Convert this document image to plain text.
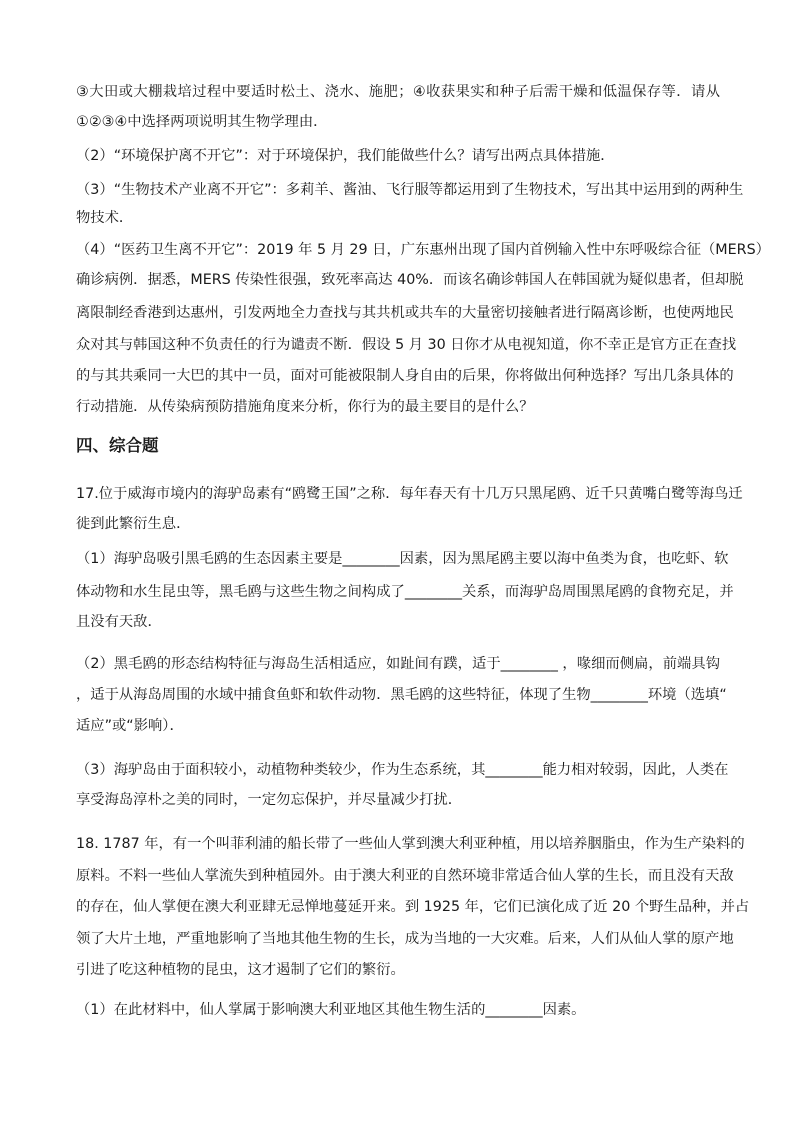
③大田或大棚栽培过程中要适时松土、浇水、施肥；④收获果实和种子后需干燥和低温保存等．请从
①②③④中选择两项说明其生物学理由．
（2）“环境保护离不开它”：对于环境保护，我们能做些什么？请写出两点具体措施．
（3）“生物技术产业离不开它”：多莉羊、酱油、飞行服等都运用到了生物技术，写出其中运用到的两种生
物技术．
（4）“医药卫生离不开它”：2019 年 5 月 29 日，广东惠州出现了国内首例输入性中东呼吸综合征（MERS）
确诊病例．据悉，MERS 传染性很强，致死率高达 40%．而该名确诊韩国人在韩国就为疑似患者，但却脱
离限制经香港到达惠州，引发两地全力查找与其共机或共车的大量密切接触者进行隔离诊断，也使两地民
众对其与韩国这种不负责任的行为谴责不断．假设 5 月 30 日你才从电视知道，你不幸正是官方正在查找
的与其共乘同一大巴的其中一员，面对可能被限制人身自由的后果，你将做出何种选择？写出几条具体的
行动措施．从传染病预防措施角度来分析，你行为的最主要目的是什么？
四、综合题
17.位于威海市境内的海驴岛素有“鸥鹭王国”之称．每年春天有十几万只黑尾鸥、近千只黄嘴白鹭等海鸟迁
徙到此繁衍生息．
（1）海驴岛吸引黑毛鸥的生态因素主要是________因素，因为黑尾鸥主要以海中鱼类为食，也吃虾、软
体动物和水生昆虫等，黑毛鸥与这些生物之间构成了________关系，而海驴岛周围黑尾鸥的食物充足，并
且没有天敌．
（2）黑毛鸥的形态结构特征与海岛生活相适应，如趾间有蹼，适于________ ，喙细而侧扁，前端具钩
，适于从海岛周围的水域中捕食鱼虾和软件动物．黑毛鸥的这些特征，体现了生物________环境（选填“
适应”或“影响）．
（3）海驴岛由于面积较小，动植物种类较少，作为生态系统，其________能力相对较弱，因此，人类在
享受海岛淳朴之美的同时，一定勿忘保护，并尽量减少打扰．
18. 1787 年，有一个叫菲利浦的船长带了一些仙人掌到澳大利亚种植，用以培养胭脂虫，作为生产染料的
原料。不料一些仙人掌流失到种植园外。由于澳大利亚的自然环境非常适合仙人掌的生长，而且没有天敌
的存在，仙人掌便在澳大利亚肆无忌惮地蔓延开来。到 1925 年，它们已演化成了近 20 个野生品种，并占
领了大片土地，严重地影响了当地其他生物的生长，成为当地的一大灾难。后来，人们从仙人掌的原产地
引进了吃这种植物的昆虫，这才遏制了它们的繁衍。
（1）在此材料中，仙人掌属于影响澳大利亚地区其他生物生活的________因素。
